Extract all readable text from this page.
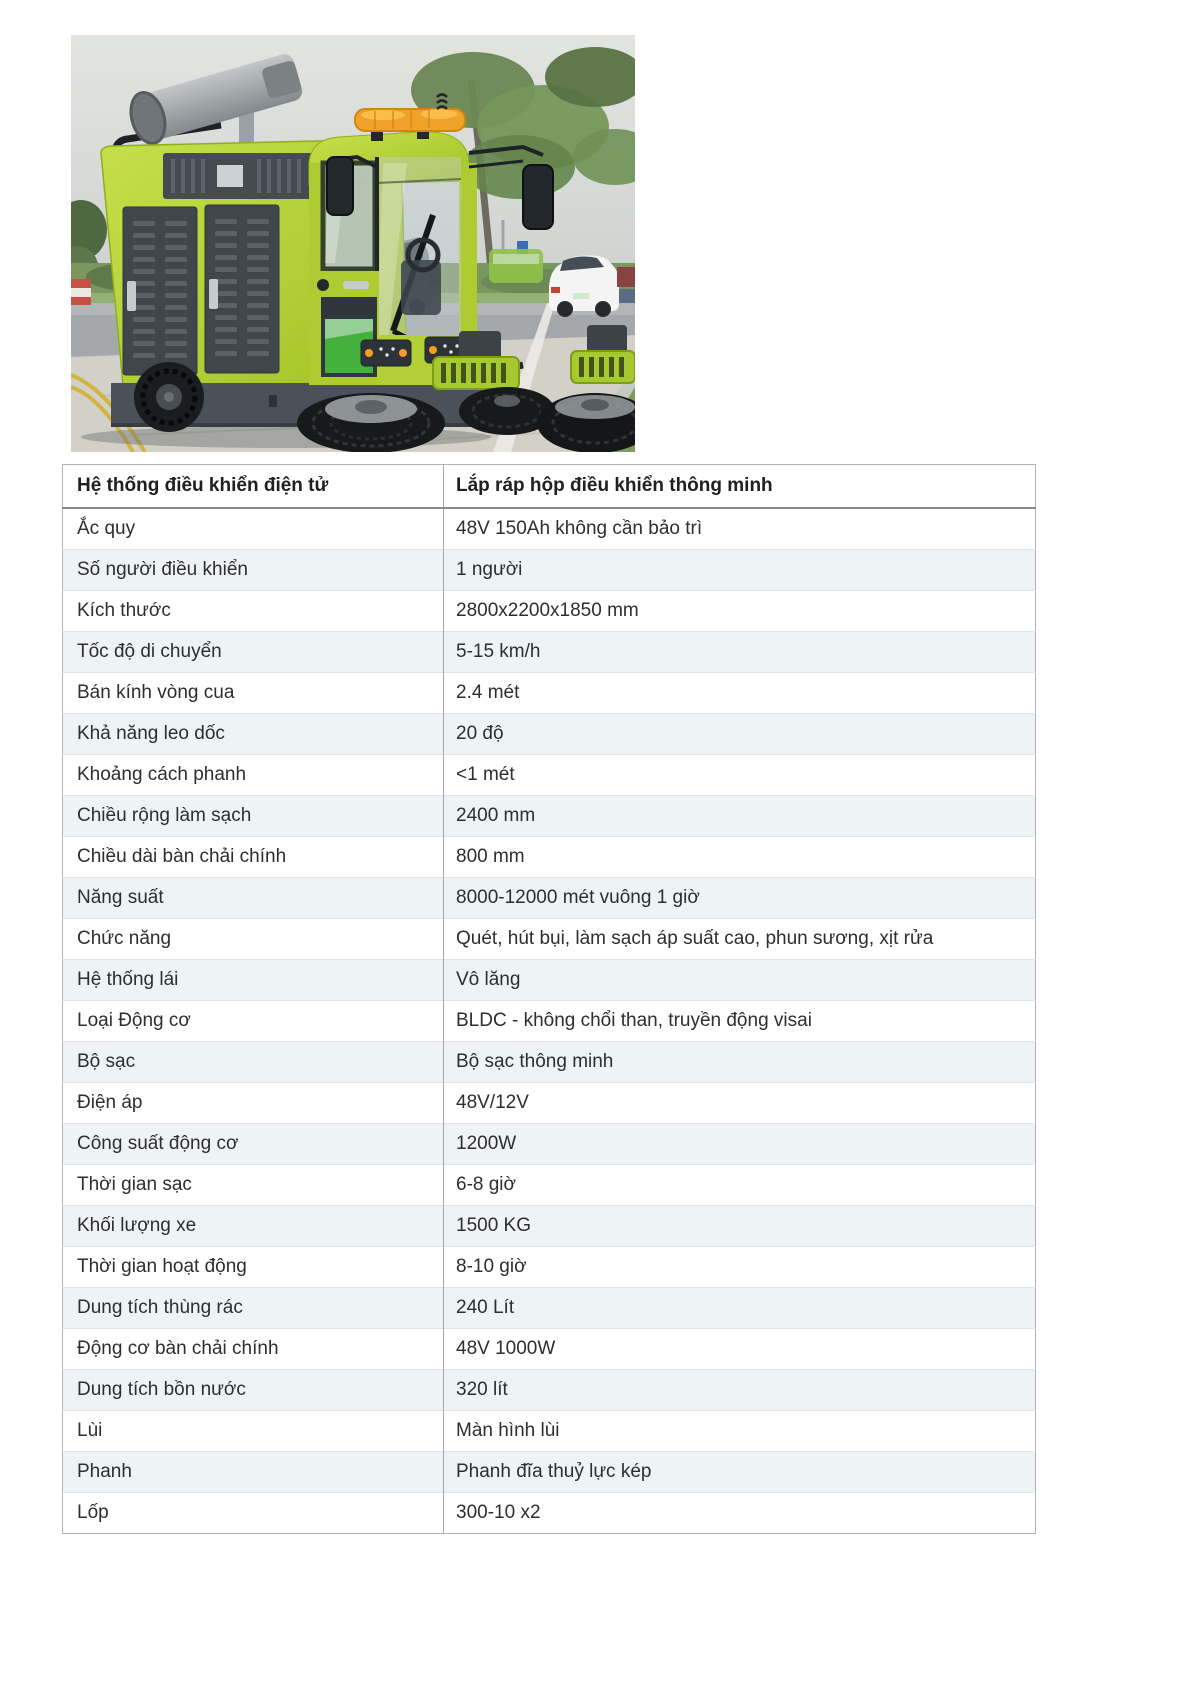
Hệ thống điều khiển điện tử	Lắp ráp hộp điều khiển thông minh
Ắc quy	48V 150Ah không cần bảo trì
Số người điều khiển	1 người
Kích thước	2800x2200x1850 mm
Tốc độ di chuyển	5-15 km/h
Bán kính vòng cua	2.4 mét
Khả năng leo dốc	20 độ
Khoảng cách phanh	<1 mét
Chiều rộng làm sạch	2400 mm
Chiều dài bàn chải chính	800 mm
Năng suất	8000-12000 mét vuông 1 giờ
Chức năng	Quét, hút bụi, làm sạch áp suất cao, phun sương, xịt rửa
Hệ thống lái	Vô lăng
Loại Động cơ	BLDC - không chổi than, truyền động visai
Bộ sạc	Bộ sạc thông minh
Điện áp	48V/12V
Công suất động cơ	1200W
Thời gian sạc	6-8 giờ
Khối lượng xe	1500 KG
Thời gian hoạt động	8-10 giờ
Dung tích thùng rác	240 Lít
Động cơ bàn chải chính	48V 1000W
Dung tích bồn nước	320 lít
Lùi	Màn hình lùi
Phanh	Phanh đĩa thuỷ lực kép
Lốp	300-10 x2
